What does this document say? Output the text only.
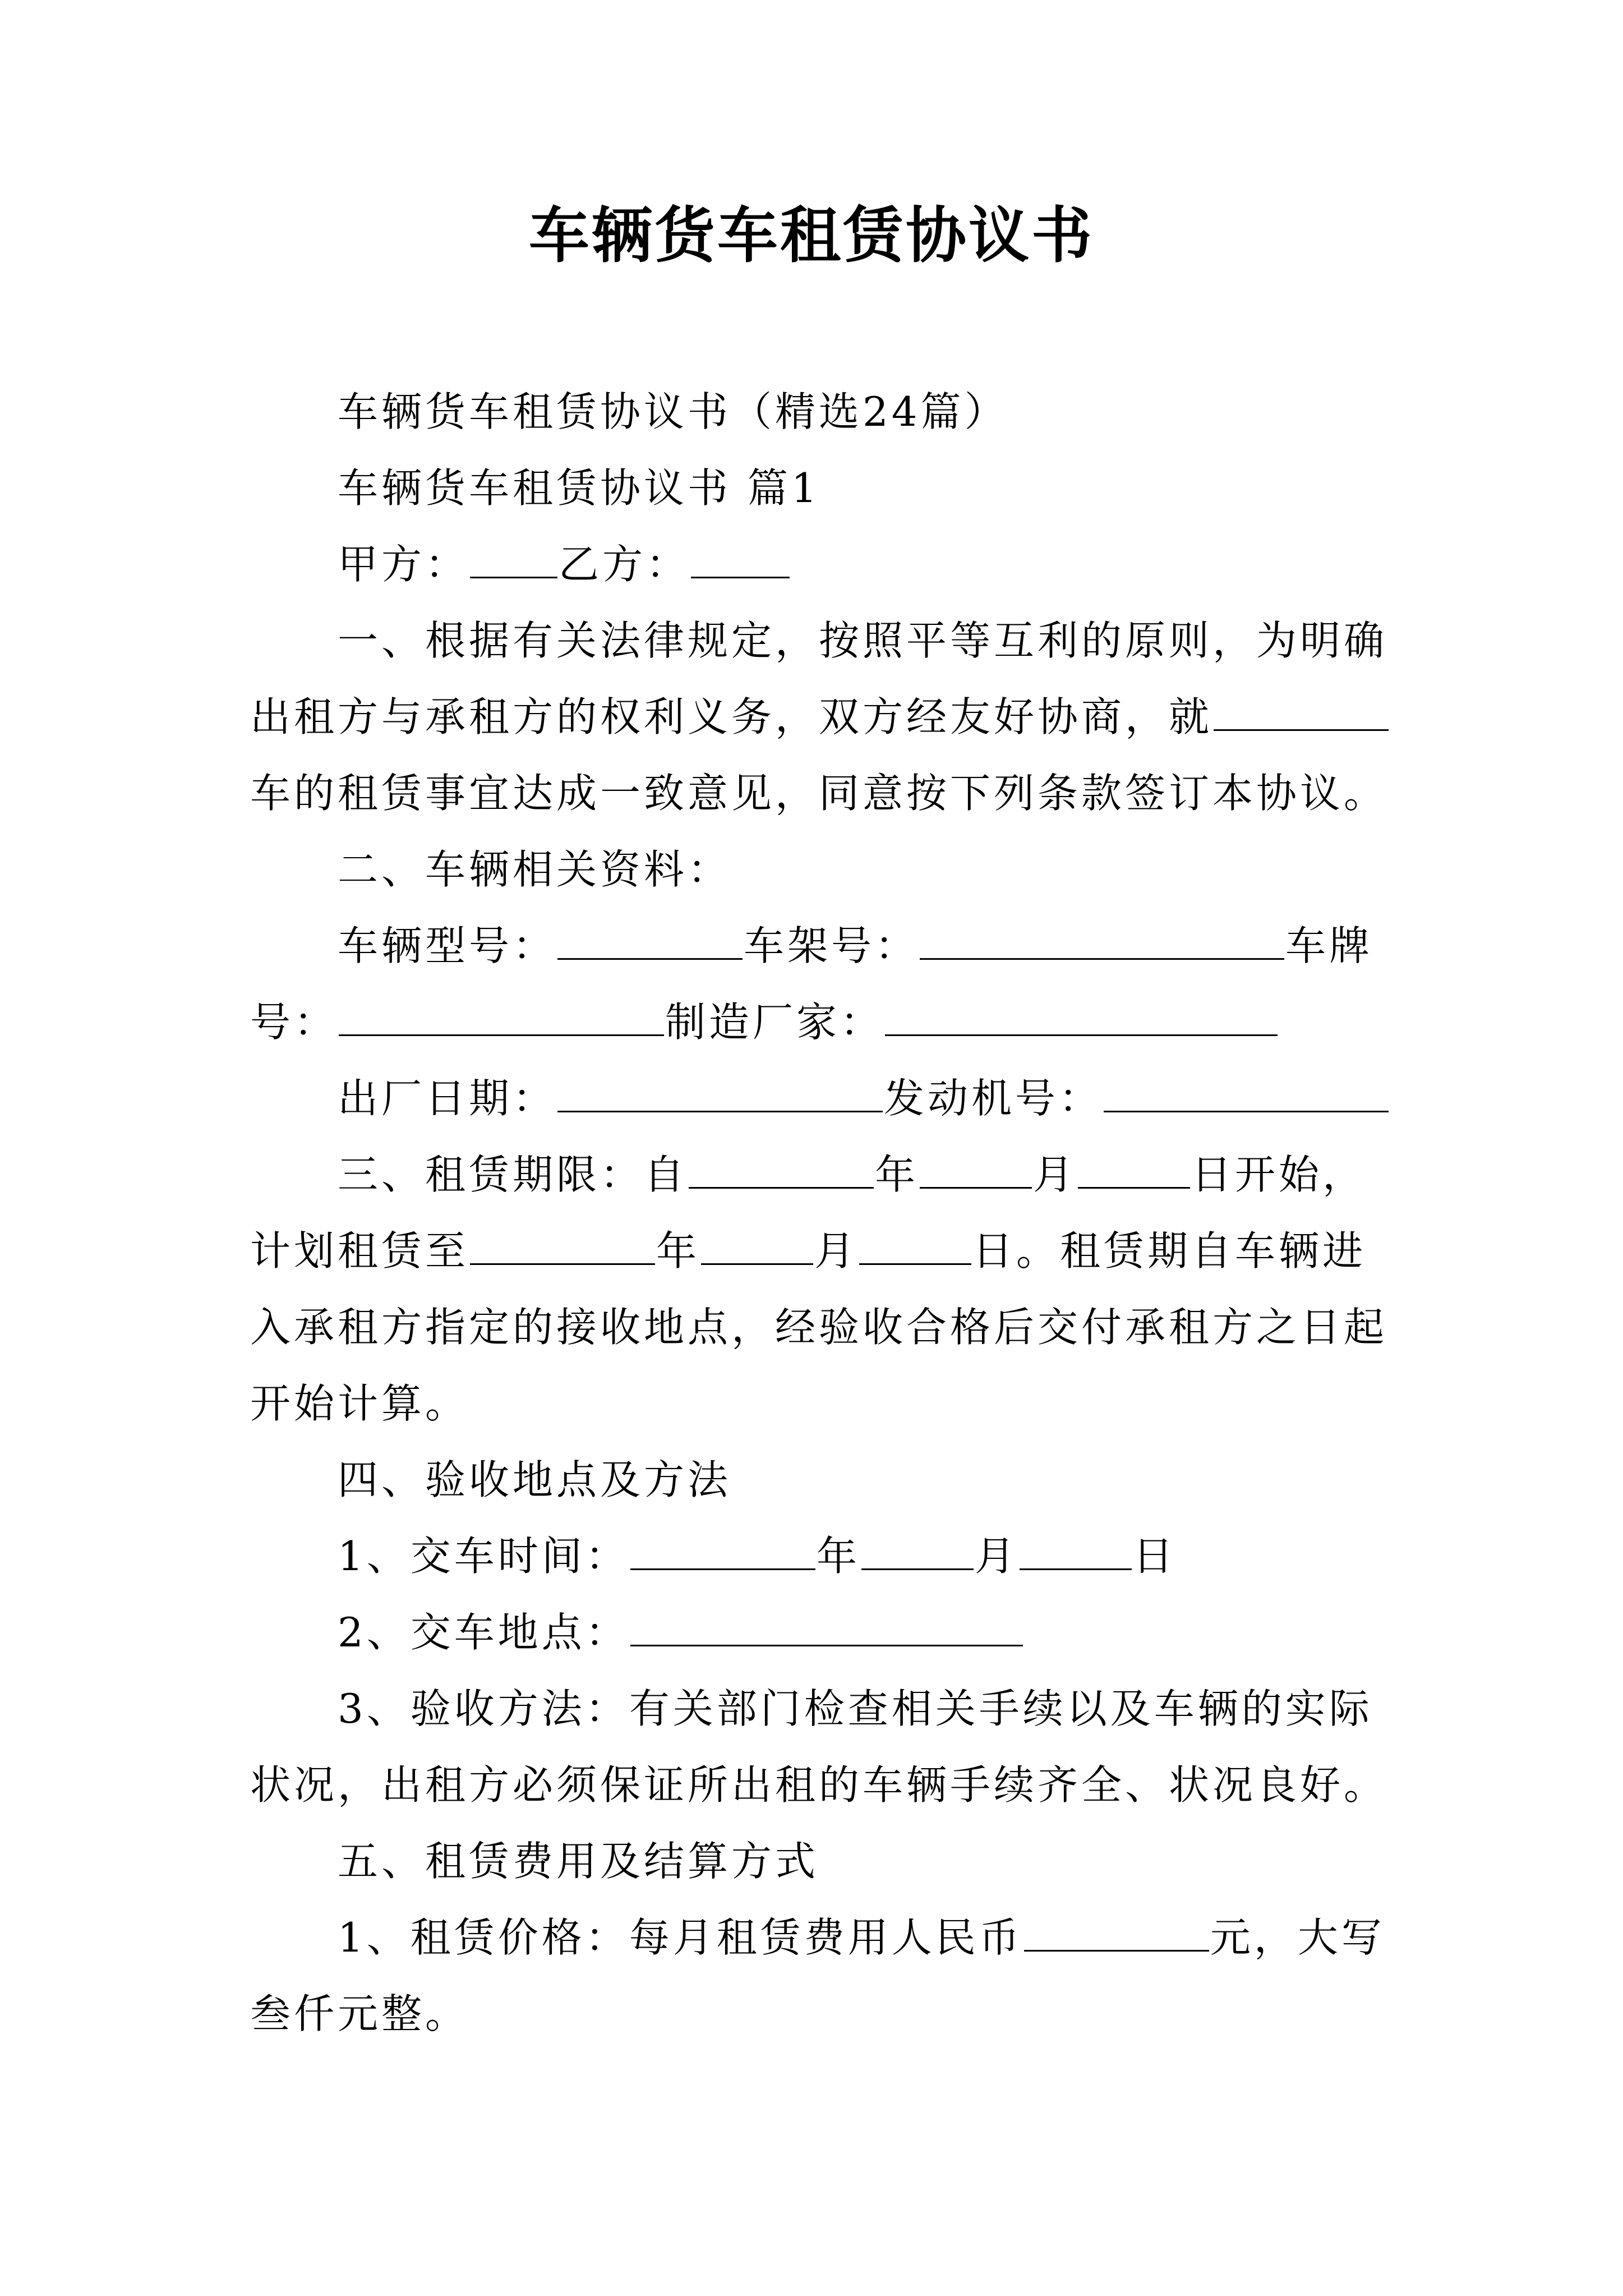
车辆货车租赁协议书

车辆货车租赁协议书（精选24篇）

车辆货车租赁协议书 篇1

甲方： 乙方：

一、根据有关法律规定，按照平等互利的原则，为明确

出租方与承租方的权利义务，双方经友好协商，就

车的租赁事宜达成一致意见，同意按下列条款签订本协议。

二、车辆相关资料：

车辆型号：	车架号：	车牌

号：	制造厂家：

出厂日期：	发动机号：

三、租赁期限：自	年	月	日开始，

计划租赁至	年	月	日。租赁期自车辆进

入承租方指定的接收地点，经验收合格后交付承租方之日起

开始计算。

四、验收地点及方法

1、交车时间：	年	月	日

2、交车地点：

3、验收方法：有关部门检查相关手续以及车辆的实际

状况，出租方必须保证所出租的车辆手续齐全、状况良好。

五、租赁费用及结算方式

1、租赁价格：每月租赁费用人民币	元，大写

叁仟元整。
